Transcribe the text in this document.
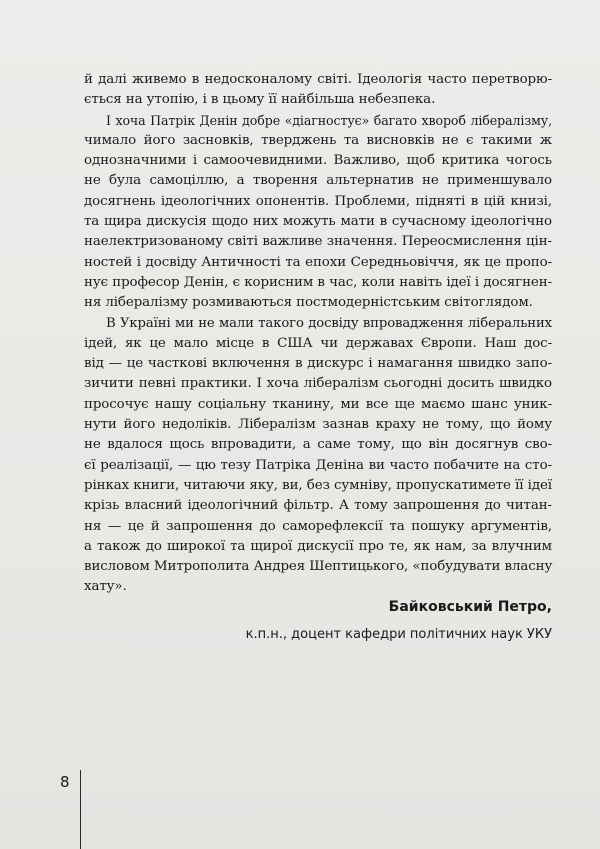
й далі живемо в недосконалому світі. Ідеологія часто перетворю-
ється на утопію, і в цьому її найбільша небезпека.

І хоча Патрік Денін добре «діагностує» багато хвороб лібералізму,
чимало його засновків, тверджень та висновків не є такими ж
однозначними і самоочевидними. Важливо, щоб критика чогось
не була самоціллю, а творення альтернатив не применшувало
досягнень ідеологічних опонентів. Проблеми, підняті в цій книзі,
та щира дискусія щодо них можуть мати в сучасному ідеологічно
наелектризованому світі важливе значення. Переосмислення цін-
ностей і досвіду Античності та епохи Середньовіччя, як це пропо-
нує професор Денін, є корисним в час, коли навіть ідеї і досягнен-
ня лібералізму розмиваються постмодерністським світоглядом.

В Україні ми не мали такого досвіду впровадження ліберальних
ідей, як це мало місце в США чи державах Європи. Наш дос-
від — це часткові включення в дискурс і намагання швидко запо-
зичити певні практики. І хоча лібералізм сьогодні досить швидко
просочує нашу соціальну тканину, ми все ще маємо шанс уник-
нути його недоліків. Лібералізм зазнав краху не тому, що йому
не вдалося щось впровадити, а саме тому, що він досягнув сво-
єї реалізації, — цю тезу Патріка Деніна ви часто побачите на сто-
рінках книги, читаючи яку, ви, без сумніву, пропускатимете її ідеї
крізь власний ідеологічний фільтр. А тому запрошення до читан-
ня — це й запрошення до саморефлексії та пошуку аргументів,
а також до широкої та щирої дискусії про те, як нам, за влучним
висловом Митрополита Андрея Шептицького, «побудувати власну
хату».

Байковський Петро,
к.п.н., доцент кафедри політичних наук УКУ
8
